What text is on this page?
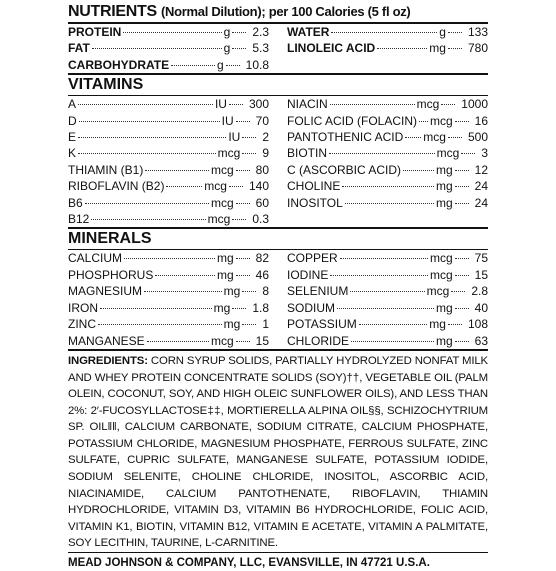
NUTRIENTS (Normal Dilution); per 100 Calories (5 fl oz)
PROTEIN	g 2.3
FAT	g 5.3
CARBOHYDRATE	g 10.8
WATER	g 133
LINOLEIC ACID	mg 780
VITAMINS
A	IU 300
D	IU 70
E	IU 2
K	mcg 9
THIAMIN (B1)	mcg 80
RIBOFLAVIN (B2)	mcg 140
B6	mcg 60
B12	mcg 0.3
NIACIN	mcg 1000
FOLIC ACID (FOLACIN) mcg 16
PANTOTHENIC ACID mcg 500
BIOTIN	mcg 3
C (ASCORBIC ACID)	mg 12
CHOLINE	mg 24
INOSITOL	mg 24
MINERALS
CALCIUM	mg 82
PHOSPHORUS	mg 46
MAGNESIUM	mg 8
IRON	mg 1.8
ZINC	mg 1
MANGANESE	mcg 15
COPPER	mcg 75
IODINE	mcg 15
SELENIUM	mcg 2.8
SODIUM	mg 40
POTASSIUM	mg 108
CHLORIDE	mg 63
INGREDIENTS: CORN SYRUP SOLIDS, PARTIALLY HYDROLYZED NONFAT MILK AND WHEY PROTEIN CONCENTRATE SOLIDS (SOY)††, VEGETABLE OIL (PALM OLEIN, COCONUT, SOY, AND HIGH OLEIC SUNFLOWER OILS), AND LESS THAN 2%: 2′-FUCOSYLLACTOSE‡‡, MORTIERELLA ALPINA OIL§§, SCHIZOCHYTRIUM SP. OIL‖‖, CALCIUM CARBONATE, SODIUM CITRATE, CALCIUM PHOSPHATE, POTASSIUM CHLORIDE, MAGNESIUM PHOSPHATE, FERROUS SULFATE, ZINC SULFATE, CUPRIC SULFATE, MANGANESE SULFATE, POTASSIUM IODIDE, SODIUM SELENITE, CHOLINE CHLORIDE, INOSITOL, ASCORBIC ACID, NIACINAMIDE, CALCIUM PANTOTHENATE, RIBOFLAVIN, THIAMIN HYDROCHLORIDE, VITAMIN D3, VITAMIN B6 HYDROCHLORIDE, FOLIC ACID, VITAMIN K1, BIOTIN, VITAMIN B12, VITAMIN E ACETATE, VITAMIN A PALMITATE, SOY LECITHIN, TAURINE, L-CARNITINE.
MEAD JOHNSON & COMPANY, LLC, EVANSVILLE, IN 47721 U.S.A.
